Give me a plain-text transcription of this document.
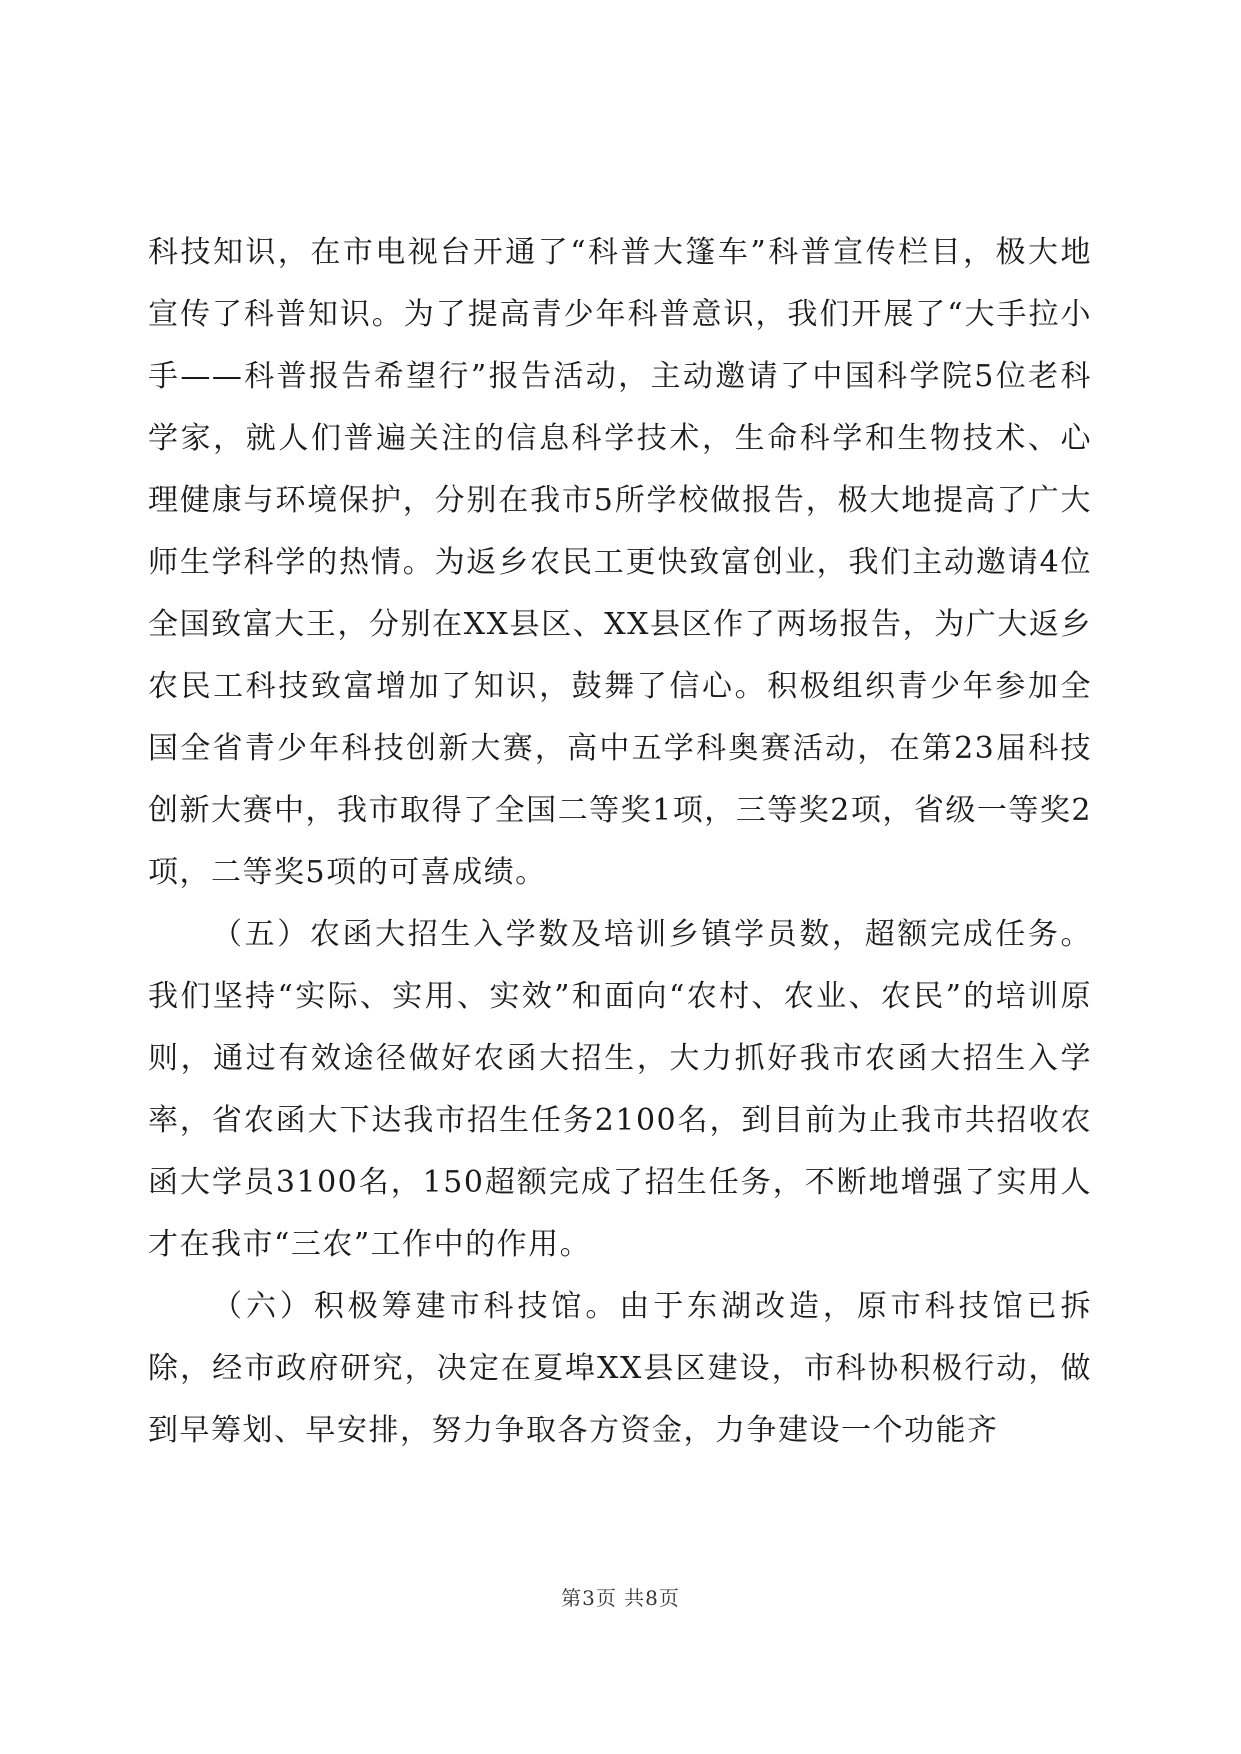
科技知识，在市电视台开通了“科普大篷车”科普宣传栏目，极大地宣传了科普知识。为了提高青少年科普意识，我们开展了“大手拉小手——科普报告希望行”报告活动，主动邀请了中国科学院5位老科学家，就人们普遍关注的信息科学技术，生命科学和生物技术、心理健康与环境保护，分别在我市5所学校做报告，极大地提高了广大师生学科学的热情。为返乡农民工更快致富创业，我们主动邀请4位全国致富大王，分别在XX县区、XX县区作了两场报告，为广大返乡农民工科技致富增加了知识，鼓舞了信心。积极组织青少年参加全国全省青少年科技创新大赛，高中五学科奥赛活动，在第23届科技创新大赛中，我市取得了全国二等奖1项，三等奖2项，省级一等奖2项，二等奖5项的可喜成绩。

（五）农函大招生入学数及培训乡镇学员数，超额完成任务。我们坚持“实际、实用、实效”和面向“农村、农业、农民”的培训原则，通过有效途径做好农函大招生，大力抓好我市农函大招生入学率，省农函大下达我市招生任务2100名，到目前为止我市共招收农函大学员3100名，150超额完成了招生任务，不断地增强了实用人才在我市“三农”工作中的作用。

（六）积极筹建市科技馆。由于东湖改造，原市科技馆已拆除，经市政府研究，决定在夏埠XX县区建设，市科协积极行动，做到早筹划、早安排，努力争取各方资金，力争建设一个功能齐

第3页 共8页
